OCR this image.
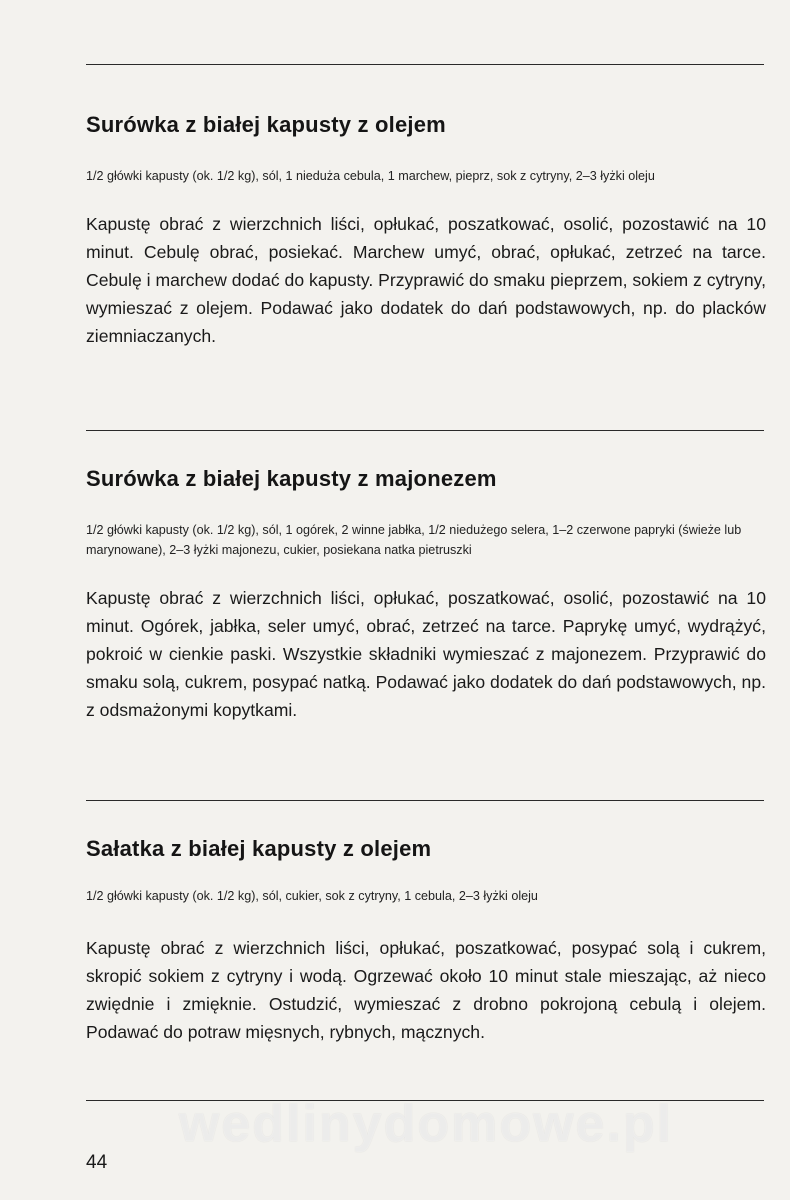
Surówka z białej kapusty z olejem

1/2 główki kapusty (ok. 1/2 kg), sól, 1 nieduża cebula, 1 marchew, pieprz, sok z cytryny, 2–3 łyżki oleju

Kapustę obrać z wierzchnich liści, opłukać, poszatkować, osolić, pozostawić na 10 minut. Cebulę obrać, posiekać. Marchew umyć, obrać, opłukać, zetrzeć na tarce. Cebulę i marchew dodać do kapusty. Przyprawić do smaku pieprzem, sokiem z cytryny, wymieszać z olejem. Podawać jako dodatek do dań podstawowych, np. do placków ziemniaczanych.

Surówka z białej kapusty z majonezem

1/2 główki kapusty (ok. 1/2 kg), sól, 1 ogórek, 2 winne jabłka, 1/2 niedużego selera, 1–2 czerwone papryki (świeże lub marynowane), 2–3 łyżki majonezu, cukier, posiekana natka pietruszki

Kapustę obrać z wierzchnich liści, opłukać, poszatkować, osolić, pozostawić na 10 minut. Ogórek, jabłka, seler umyć, obrać, zetrzeć na tarce. Paprykę umyć, wydrążyć, pokroić w cienkie paski. Wszystkie składniki wymieszać z majonezem. Przyprawić do smaku solą, cukrem, posypać natką. Podawać jako dodatek do dań podstawowych, np. z odsmażonymi kopytkami.

Sałatka z białej kapusty z olejem

1/2 główki kapusty (ok. 1/2 kg), sól, cukier, sok z cytryny, 1 cebula, 2–3 łyżki oleju

Kapustę obrać z wierzchnich liści, opłukać, poszatkować, posypać solą i cukrem, skropić sokiem z cytryny i wodą. Ogrzewać około 10 minut stale mieszając, aż nieco zwiędnie i zmięknie. Ostudzić, wymieszać z drobno pokrojoną cebulą i olejem. Podawać do potraw mięsnych, rybnych, mącznych.

wedlinydomowe.pl
44
